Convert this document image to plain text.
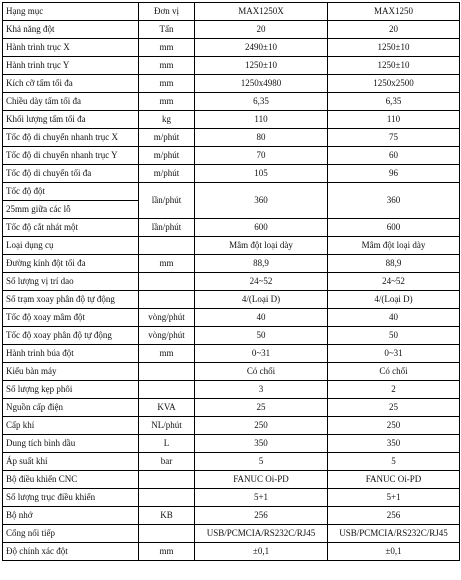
Hạng mục	Đơn vị	MAX1250X	MAX1250
Khả năng đột	Tấn	20	20
Hành trình trục X	mm	2490±10	1250±10
Hành trình trục Y	mm	1250±10	1250±10
Kích cỡ tấm tối đa	mm	1250x4980	1250x2500
Chiều dày tấm tối đa	mm	6,35	6,35
Khối lượng tấm tối đa	kg	110	110
Tốc độ di chuyển nhanh trục X	m/phút	80	75
Tốc độ di chuyển nhanh trục Y	m/phút	70	60
Tốc độ di chuyển tối đa	m/phút	105	96
Tốc độ đột	lần/phút	360	360
25mm giữa các lỗ			
Tốc độ cắt nhát một	lần/phút	600	600
Loại dụng cụ		Mâm đột loại dày	Mâm đột loại dày
Đường kính đột tối đa	mm	88,9	88,9
Số lượng vị trí dao		24~52	24~52
Số trạm xoay phân độ tự động		4/(Loại D)	4/(Loại D)
Tốc độ xoay mâm đột	vòng/phút	40	40
Tốc độ xoay phân độ tự động	vòng/phút	50	50
Hành trình búa đột	mm	0~31	0~31
Kiểu bàn máy		Có chổi	Có chổi
Số lượng kẹp phôi		3	2
Nguồn cấp điện	KVA	25	25
Cấp khí	NL/phút	250	250
Dung tích bình dầu	L	350	350
Áp suất khí	bar	5	5
Bộ điều khiển CNC		FANUC Oi-PD	FANUC Oi-PD
Số lượng trục điều khiển		5+1	5+1
Bộ nhớ	KB	256	256
Cổng nối tiếp		USB/PCMCIA/RS232C/RJ45	USB/PCMCIA/RS232C/RJ45
Độ chính xác đột	mm	±0,1	±0,1
